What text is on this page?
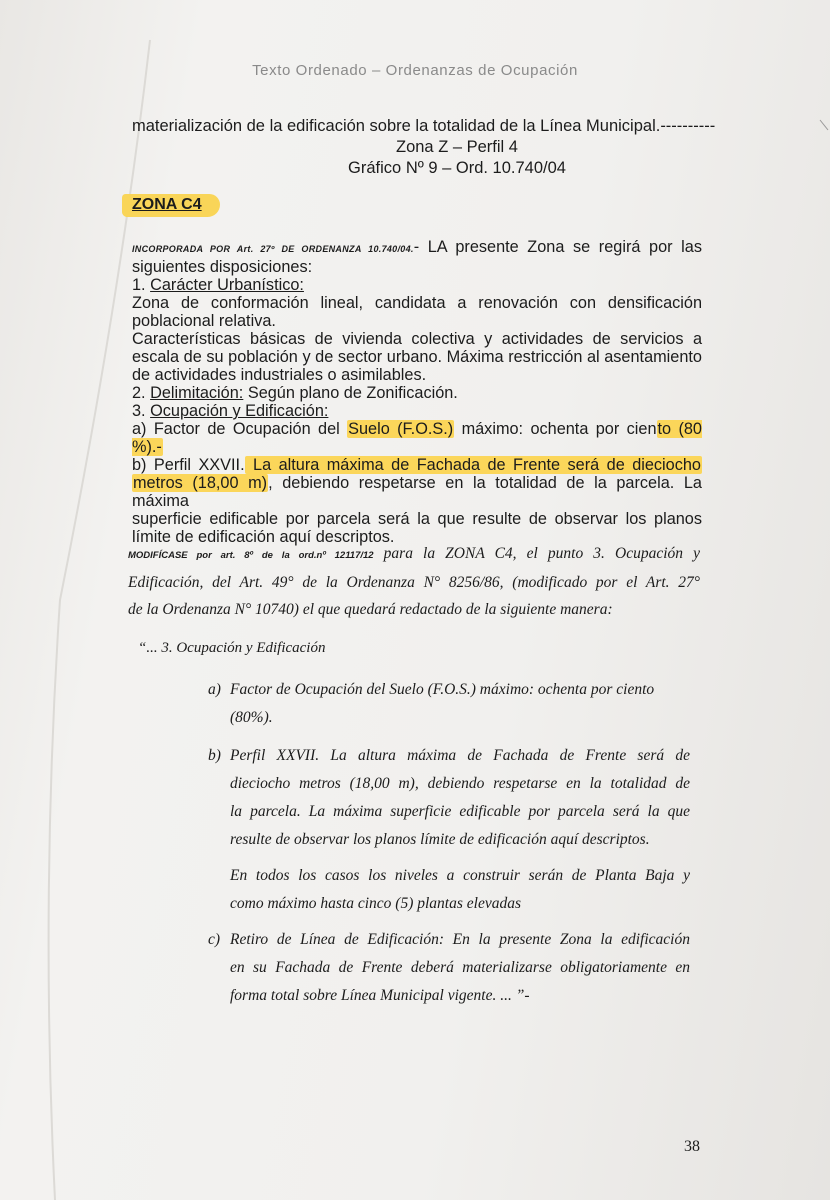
Texto Ordenado – Ordenanzas de Ocupación
materialización de la edificación sobre la totalidad de la Línea Municipal.----------
Zona Z – Perfil 4
Gráfico Nº 9 – Ord. 10.740/04
ZONA C4
INCORPORADA POR Art. 27º DE ORDENANZA 10.740/04.- LA presente Zona se regirá por las
siguientes disposiciones:
1. Carácter Urbanístico:
Zona de conformación lineal, candidata a renovación con densificación
poblacional relativa.
Características básicas de vivienda colectiva y actividades de servicios a
escala de su población y de sector urbano. Máxima restricción al asentamiento
de actividades industriales o asimilables.
2. Delimitación: Según plano de Zonificación.
3. Ocupación y Edificación:
a) Factor de Ocupación del Suelo (F.O.S.) máximo: ochenta por ciento (80 %).-
b) Perfil XXVII. La altura máxima de Fachada de Frente será de dieciocho
metros (18,00 m), debiendo respetarse en la totalidad de la parcela. La máxima
superficie edificable por parcela será la que resulte de observar los planos
límite de edificación aquí descriptos.
MODIFÍCASE por art. 8º de la ord.nº 12117/12 para la ZONA C4, el punto 3. Ocupación y
Edificación, del Art. 49° de la Ordenanza N° 8256/86, (modificado por el Art. 27°
de la Ordenanza N° 10740) el que quedará redactado de la siguiente manera:
“... 3. Ocupación y Edificación
a) Factor de Ocupación del Suelo (F.O.S.) máximo: ochenta por ciento
(80%).
b) Perfil XXVII. La altura máxima de Fachada de Frente será de
dieciocho metros (18,00 m), debiendo respetarse en la totalidad de
la parcela. La máxima superficie edificable por parcela será la que
resulte de observar los planos límite de edificación aquí descriptos.
En todos los casos los niveles a construir serán de Planta Baja y
como máximo hasta cinco (5) plantas elevadas
c) Retiro de Línea de Edificación: En la presente Zona la edificación
en su Fachada de Frente deberá materializarse obligatoriamente en
forma total sobre Línea Municipal vigente. ... ”-
38
